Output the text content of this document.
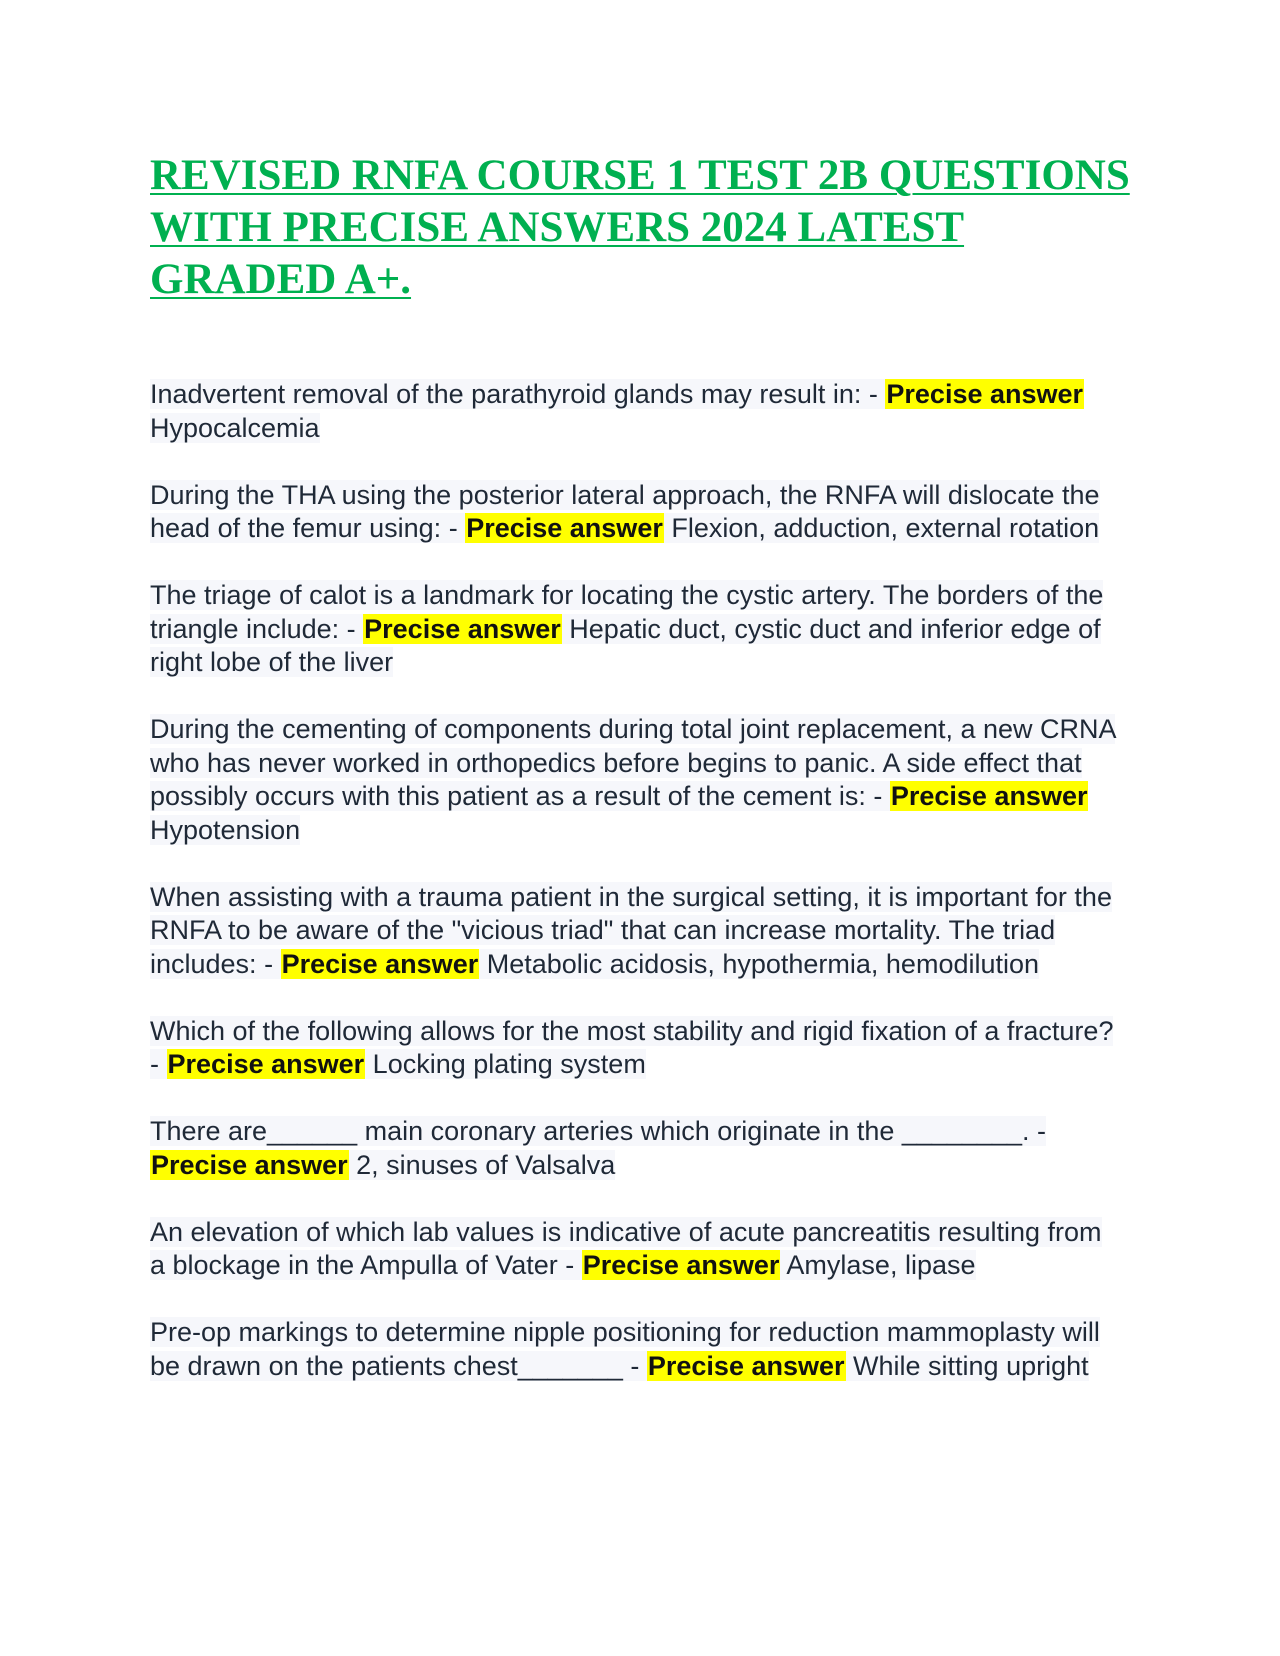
REVISED RNFA COURSE 1 TEST 2B QUESTIONS WITH PRECISE ANSWERS 2024 LATEST GRADED A+.

Inadvertent removal of the parathyroid glands may result in: - Precise answer Hypocalcemia

During the THA using the posterior lateral approach, the RNFA will dislocate the head of the femur using: - Precise answer Flexion, adduction, external rotation

The triage of calot is a landmark for locating the cystic artery. The borders of the triangle include: - Precise answer Hepatic duct, cystic duct and inferior edge of right lobe of the liver

During the cementing of components during total joint replacement, a new CRNA who has never worked in orthopedics before begins to panic. A side effect that possibly occurs with this patient as a result of the cement is: - Precise answer Hypotension

When assisting with a trauma patient in the surgical setting, it is important for the RNFA to be aware of the "vicious triad" that can increase mortality. The triad includes: - Precise answer Metabolic acidosis, hypothermia, hemodilution

Which of the following allows for the most stability and rigid fixation of a fracture? - Precise answer Locking plating system

There are______ main coronary arteries which originate in the ________. - Precise answer 2, sinuses of Valsalva

An elevation of which lab values is indicative of acute pancreatitis resulting from a blockage in the Ampulla of Vater - Precise answer Amylase, lipase

Pre-op markings to determine nipple positioning for reduction mammoplasty will be drawn on the patients chest_______ - Precise answer While sitting upright
